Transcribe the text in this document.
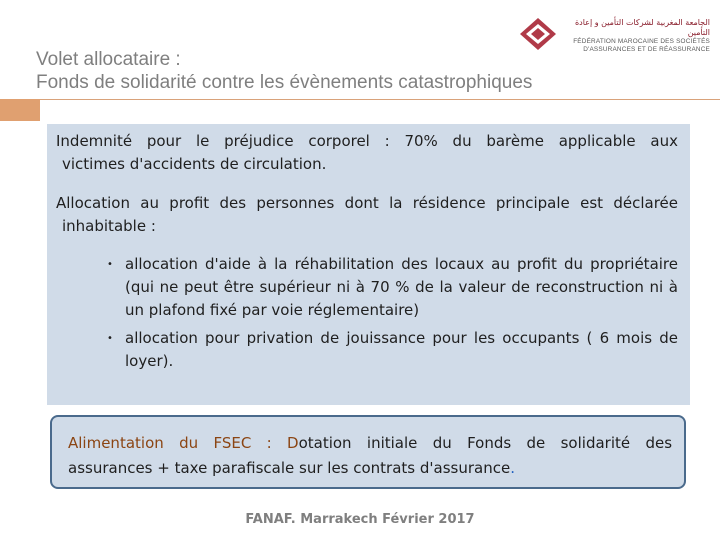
الجامعة المغربية لشركات التأمين و إعادة التأمين
FÉDÉRATION MAROCAINE DES SOCIÉTÉS
D'ASSURANCES ET DE RÉASSURANCE
Volet allocataire :
Fonds de solidarité contre les évènements catastrophiques
Indemnité pour le préjudice corporel : 70% du barème applicable aux
victimes d'accidents de circulation.
Allocation au profit des personnes dont la résidence principale est déclarée
inhabitable :
• allocation d'aide à la réhabilitation des locaux au profit du propriétaire (qui ne peut être supérieur ni à 70 % de la valeur de reconstruction ni à un plafond fixé par voie réglementaire)
• allocation pour privation de jouissance pour les occupants ( 6 mois de loyer).
Alimentation du FSEC : Dotation initiale du Fonds de solidarité des
assurances + taxe parafiscale sur les contrats d'assurance.
FANAF. Marrakech Février 2017
